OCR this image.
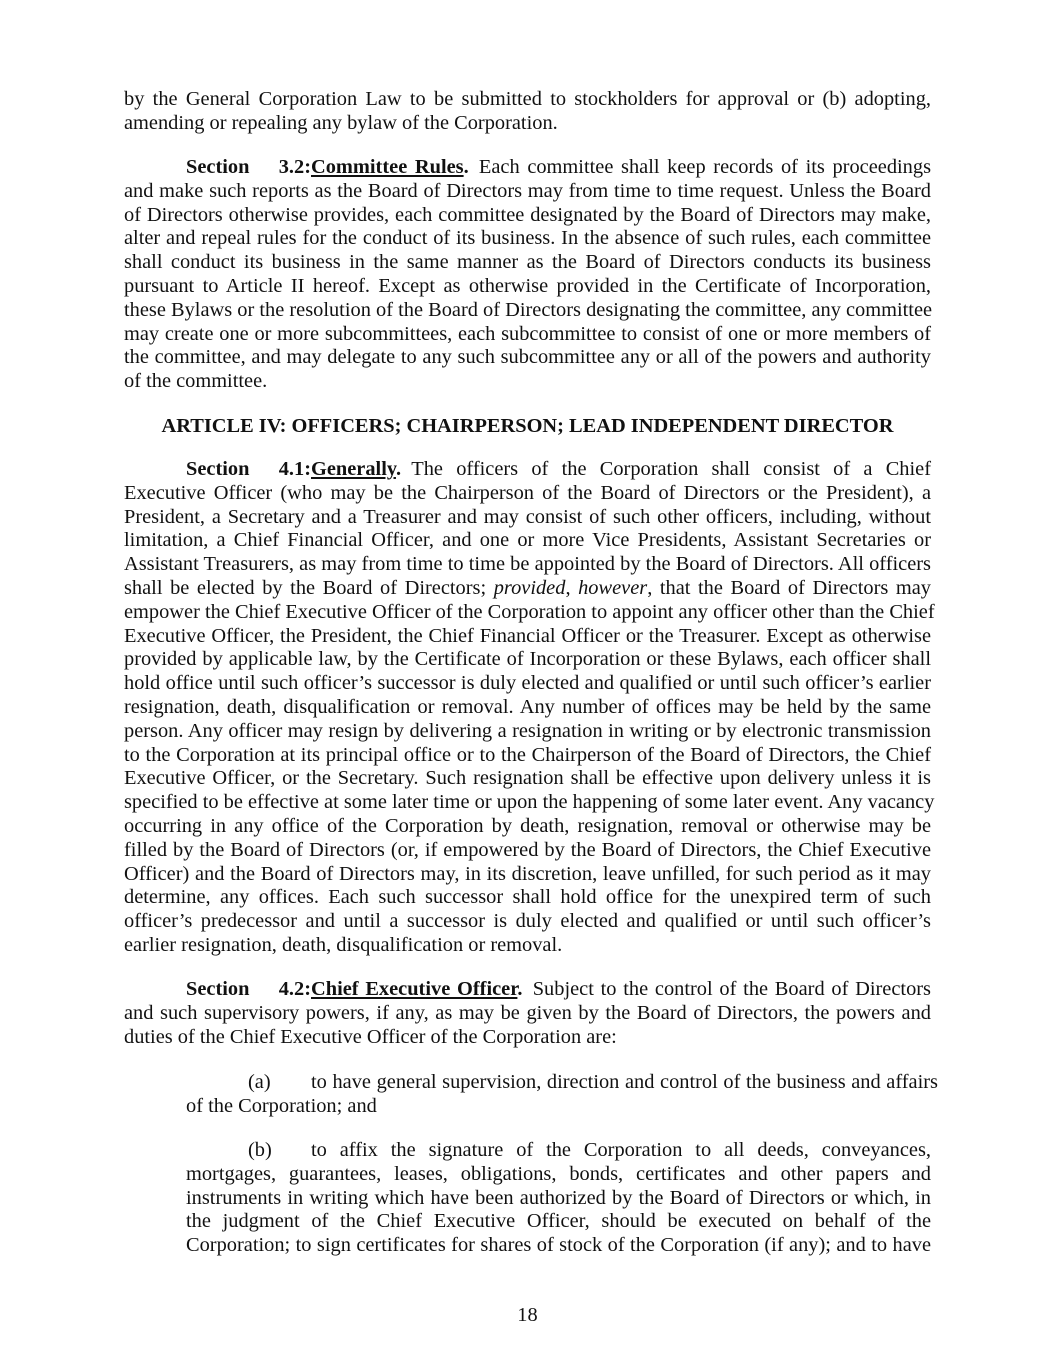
by the General Corporation Law to be submitted to stockholders for approval or (b) adopting,
amending or repealing any bylaw of the Corporation.
Section 3.2:Committee Rules.  Each committee shall keep records of its proceedings
and make such reports as the Board of Directors may from time to time request. Unless the Board
of Directors otherwise provides, each committee designated by the Board of Directors may make,
alter and repeal rules for the conduct of its business. In the absence of such rules, each committee
shall conduct its business in the same manner as the Board of Directors conducts its business
pursuant to Article II hereof. Except as otherwise provided in the Certificate of Incorporation,
these Bylaws or the resolution of the Board of Directors designating the committee, any committee
may create one or more subcommittees, each subcommittee to consist of one or more members of
the committee, and may delegate to any such subcommittee any or all of the powers and authority
of the committee.
ARTICLE IV: OFFICERS; CHAIRPERSON; LEAD INDEPENDENT DIRECTOR
Section 4.1:Generally.  The officers of the Corporation shall consist of a Chief
Executive Officer (who may be the Chairperson of the Board of Directors or the President), a
President, a Secretary and a Treasurer and may consist of such other officers, including, without
limitation, a Chief Financial Officer, and one or more Vice Presidents, Assistant Secretaries or
Assistant Treasurers, as may from time to time be appointed by the Board of Directors. All officers
shall be elected by the Board of Directors; provided, however, that the Board of Directors may
empower the Chief Executive Officer of the Corporation to appoint any officer other than the Chief
Executive Officer, the President, the Chief Financial Officer or the Treasurer. Except as otherwise
provided by applicable law, by the Certificate of Incorporation or these Bylaws, each officer shall
hold office until such officer’s successor is duly elected and qualified or until such officer’s earlier
resignation, death, disqualification or removal. Any number of offices may be held by the same
person. Any officer may resign by delivering a resignation in writing or by electronic transmission
to the Corporation at its principal office or to the Chairperson of the Board of Directors, the Chief
Executive Officer, or the Secretary. Such resignation shall be effective upon delivery unless it is
specified to be effective at some later time or upon the happening of some later event. Any vacancy
occurring in any office of the Corporation by death, resignation, removal or otherwise may be
filled by the Board of Directors (or, if empowered by the Board of Directors, the Chief Executive
Officer) and the Board of Directors may, in its discretion, leave unfilled, for such period as it may
determine, any offices. Each such successor shall hold office for the unexpired term of such
officer’s predecessor and until a successor is duly elected and qualified or until such officer’s
earlier resignation, death, disqualification or removal.
Section 4.2:Chief Executive Officer.  Subject to the control of the Board of Directors
and such supervisory powers, if any, as may be given by the Board of Directors, the powers and
duties of the Chief Executive Officer of the Corporation are:
(a) to have general supervision, direction and control of the business and affairs
of the Corporation; and
(b) to affix the signature of the Corporation to all deeds, conveyances,
mortgages, guarantees, leases, obligations, bonds, certificates and other papers and
instruments in writing which have been authorized by the Board of Directors or which, in
the judgment of the Chief Executive Officer, should be executed on behalf of the
Corporation; to sign certificates for shares of stock of the Corporation (if any); and to have
18
